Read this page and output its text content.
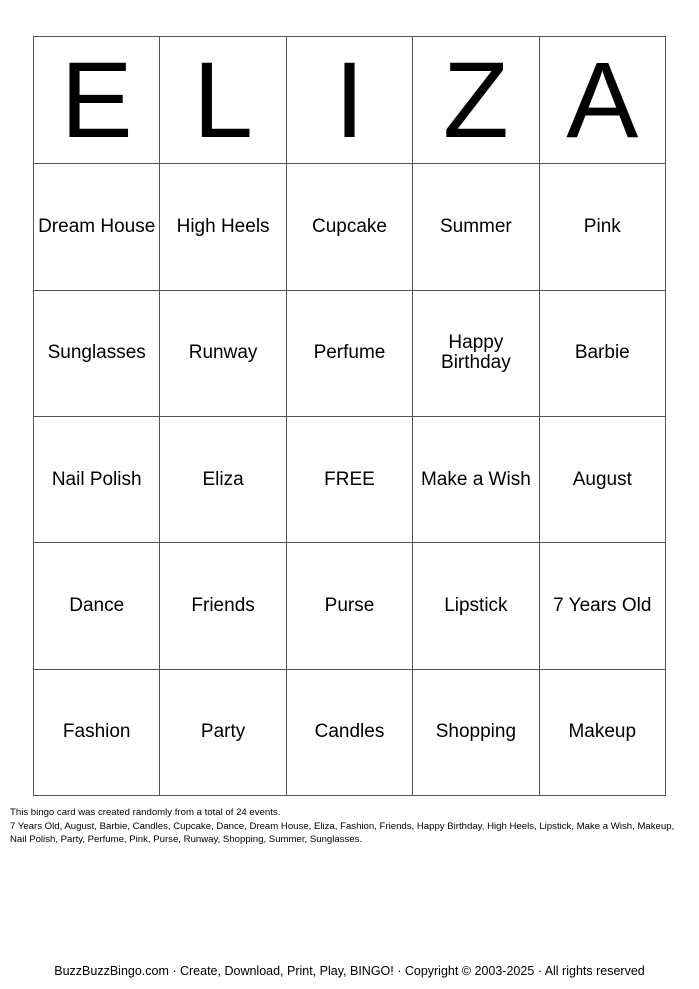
E	L	I	Z	A

Dream House	High Heels	Cupcake	Summer	Pink

Sunglasses	Runway	Perfume	Happy Birthday	Barbie

Nail Polish	Eliza	FREE	Make a Wish	August

Dance	Friends	Purse	Lipstick	7 Years Old

Fashion	Party	Candles	Shopping	Makeup

This bingo card was created randomly from a total of 24 events.

7 Years Old, August, Barbie, Candles, Cupcake, Dance, Dream House, Eliza, Fashion, Friends, Happy Birthday, High Heels, Lipstick, Make a Wish, Makeup, Nail Polish, Party, Perfume, Pink, Purse, Runway, Shopping, Summer, Sunglasses.

BuzzBuzzBingo.com · Create, Download, Print, Play, BINGO! · Copyright © 2003-2025 · All rights reserved
